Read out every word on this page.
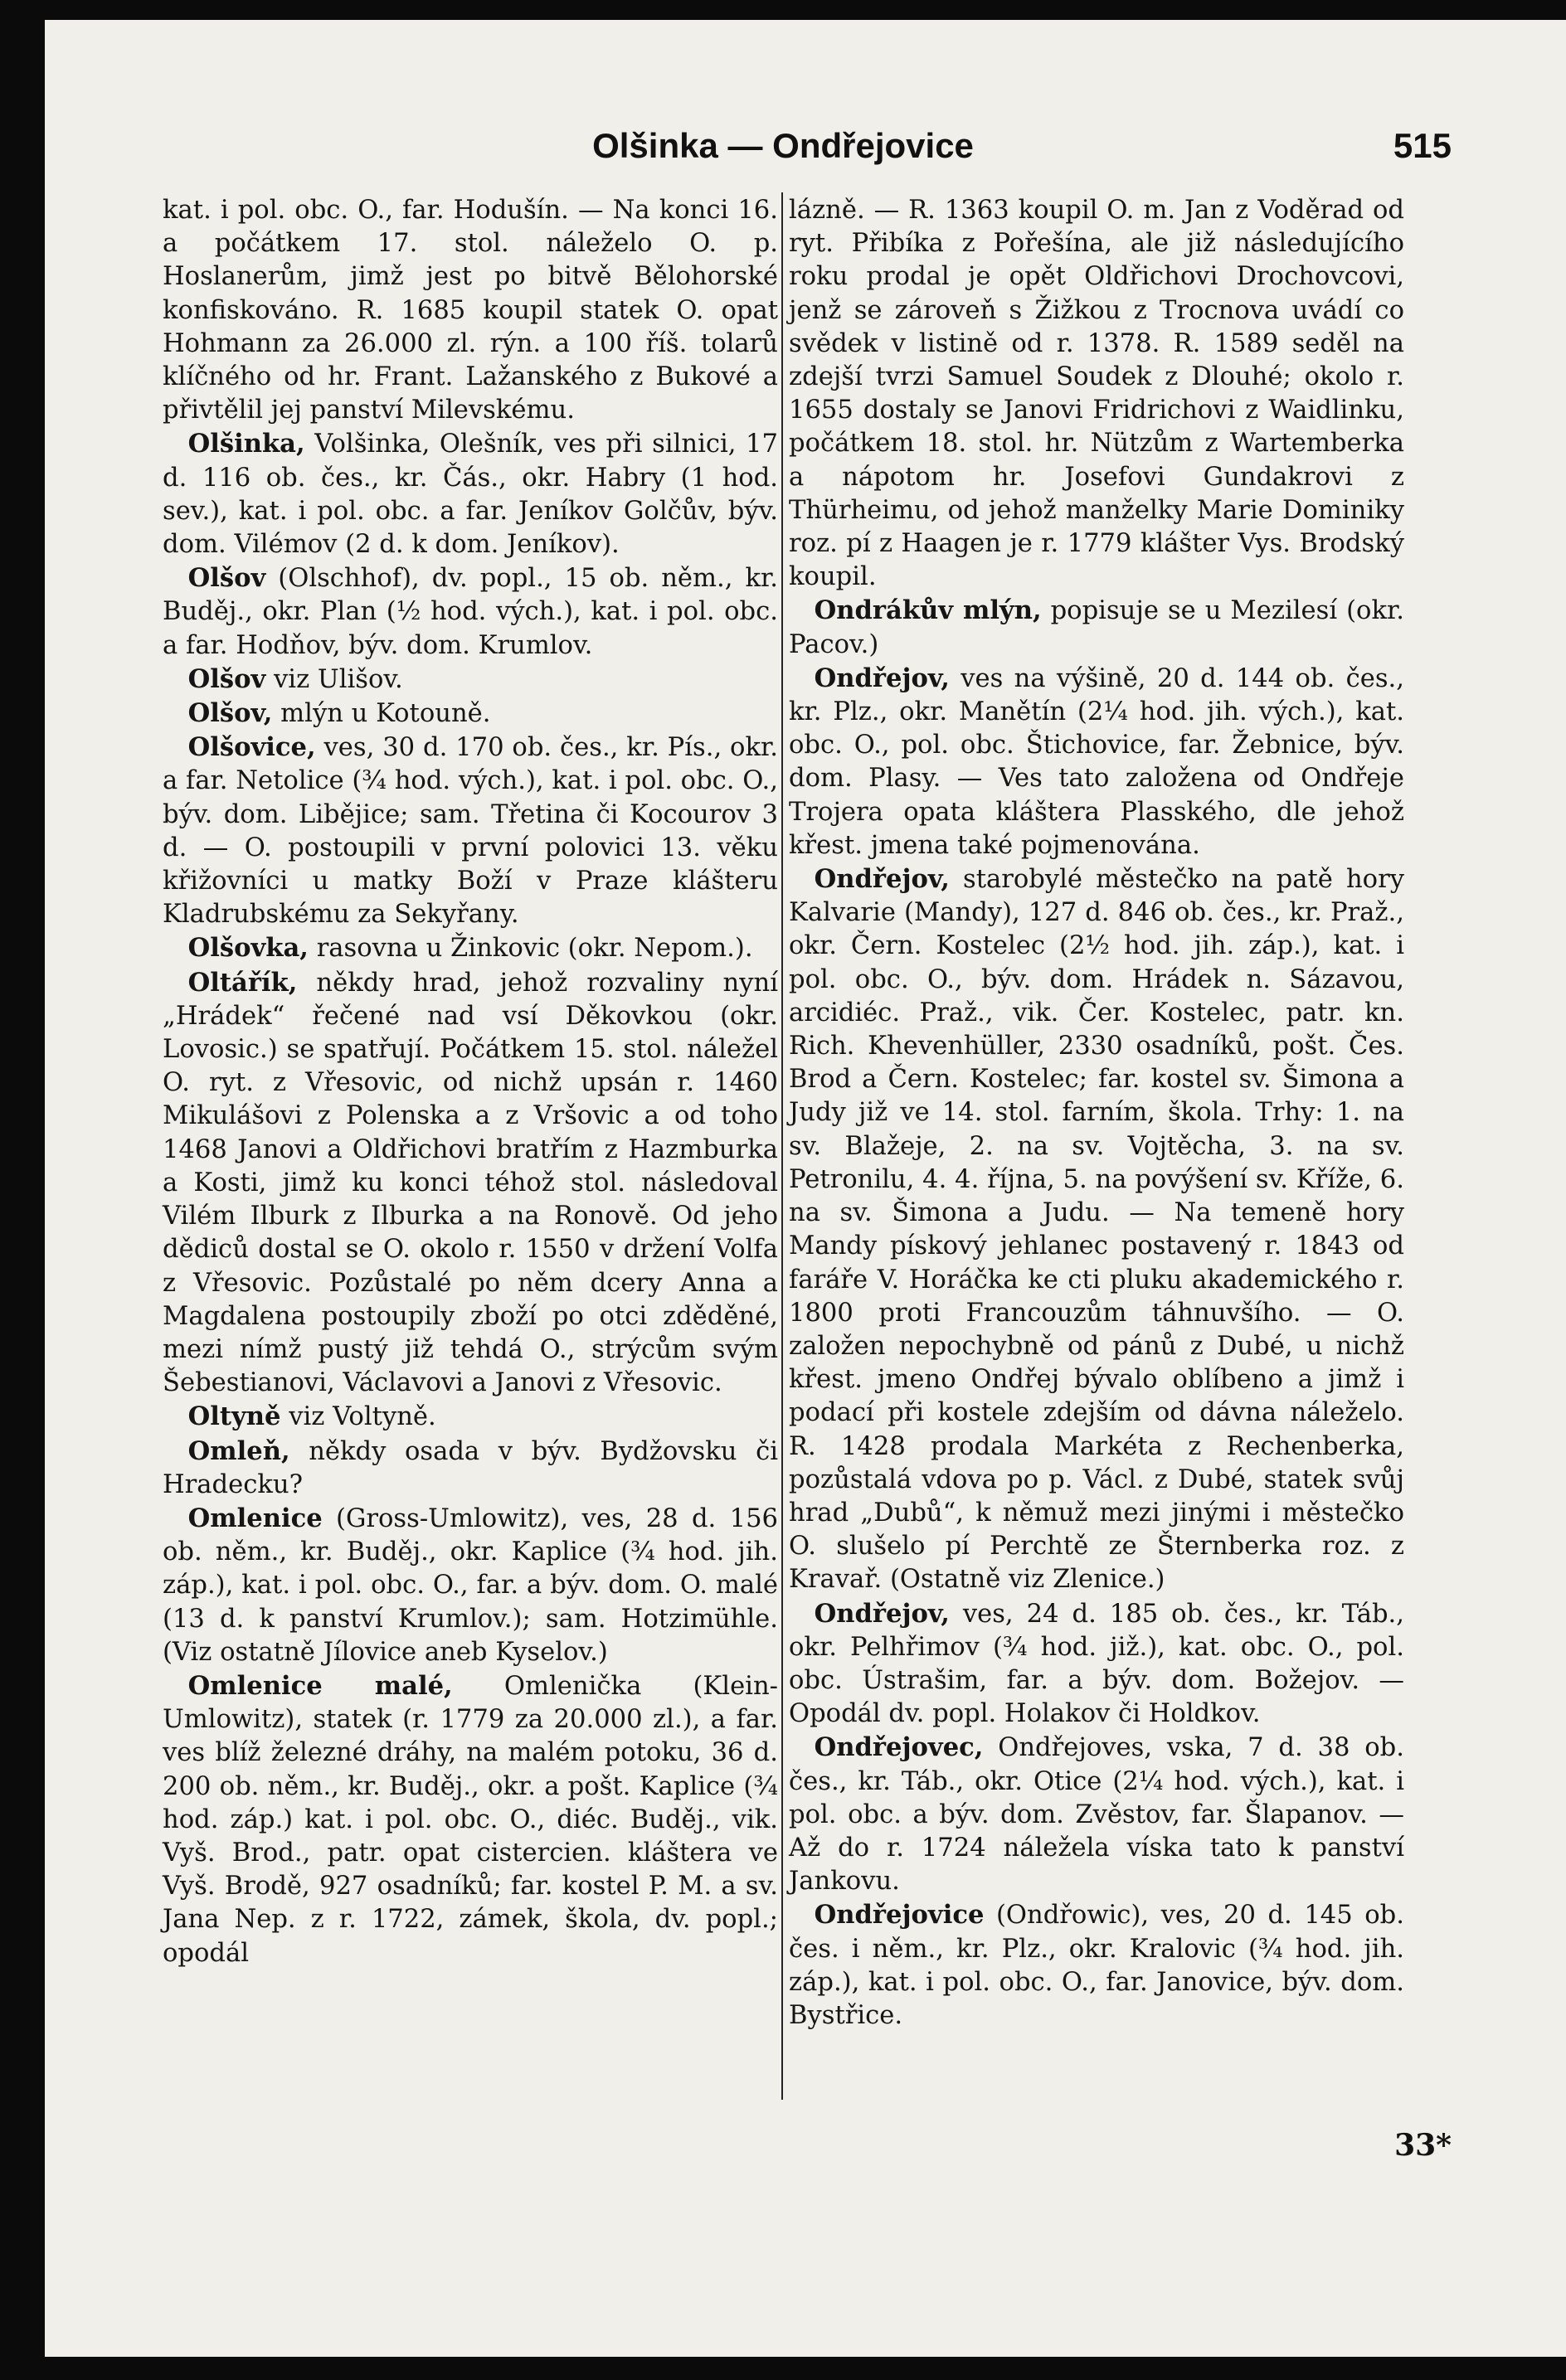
Olšinka — Ondřejovice	515

kat. i pol. obc. O., far. Hodušín. — Na konci 16. a počátkem 17. stol. náleželo O. p. Hoslanerům, jimž jest po bitvě Bělohorské konfiskováno. R. 1685 koupil statek O. opat Hohmann za 26.000 zl. rýn. a 100 říš. tolarů klíčného od hr. Frant. Lažanského z Bukové a přivtělil jej panství Milevskému.

Olšinka, Volšinka, Olešník, ves při silnici, 17 d. 116 ob. čes., kr. Čás., okr. Habry (1 hod. sev.), kat. i pol. obc. a far. Jeníkov Golčův, býv. dom. Vilémov (2 d. k dom. Jeníkov).

Olšov (Olschhof), dv. popl., 15 ob. něm., kr. Buděj., okr. Plan (½ hod. vých.), kat. i pol. obc. a far. Hodňov, býv. dom. Krumlov.

Olšov viz Ulišov.

Olšov, mlýn u Kotouně.

Olšovice, ves, 30 d. 170 ob. čes., kr. Pís., okr. a far. Netolice (¾ hod. vých.), kat. i pol. obc. O., býv. dom. Libějice; sam. Třetina či Kocourov 3 d. — O. postoupili v první polovici 13. věku křižovníci u matky Boží v Praze klášteru Kladrubskému za Sekyřany.

Olšovka, rasovna u Žinkovic (okr. Nepom.).

Oltářík, někdy hrad, jehož rozvaliny nyní „Hrádek“ řečené nad vsí Děkovkou (okr. Lovosic.) se spatřují. Počátkem 15. stol. náležel O. ryt. z Vřesovic, od nichž upsán r. 1460 Mikulášovi z Polenska a z Vršovic a od toho 1468 Janovi a Oldřichovi bratřím z Hazmburka a Kosti, jimž ku konci téhož stol. následoval Vilém Ilburk z Ilburka a na Ronově. Od jeho dědiců dostal se O. okolo r. 1550 v držení Volfa z Vřesovic. Pozůstalé po něm dcery Anna a Magdalena postoupily zboží po otci zděděné, mezi nímž pustý již tehdá O., strýcům svým Šebestianovi, Václavovi a Janovi z Vřesovic.

Oltyně viz Voltyně.

Omleň, někdy osada v býv. Bydžovsku či Hradecku?

Omlenice (Gross-Umlowitz), ves, 28 d. 156 ob. něm., kr. Buděj., okr. Kaplice (¾ hod. jih. záp.), kat. i pol. obc. O., far. a býv. dom. O. malé (13 d. k panství Krumlov.); sam. Hotzimühle. (Viz ostatně Jílovice aneb Kyselov.)

Omlenice malé, Omlenička (Klein-Umlowitz), statek (r. 1779 za 20.000 zl.), a far. ves blíž železné dráhy, na malém potoku, 36 d. 200 ob. něm., kr. Buděj., okr. a pošt. Kaplice (¾ hod. záp.) kat. i pol. obc. O., diéc. Buděj., vik. Vyš. Brod., patr. opat cistercien. kláštera ve Vyš. Brodě, 927 osadníků; far. kostel P. M. a sv. Jana Nep. z r. 1722, zámek, škola, dv. popl.; opodál

lázně. — R. 1363 koupil O. m. Jan z Voděrad od ryt. Přibíka z Pořešína, ale již následujícího roku prodal je opět Oldřichovi Drochovcovi, jenž se zároveň s Žižkou z Trocnova uvádí co svědek v listině od r. 1378. R. 1589 seděl na zdejší tvrzi Samuel Soudek z Dlouhé; okolo r. 1655 dostaly se Janovi Fridrichovi z Waidlinku, počátkem 18. stol. hr. Nützům z Wartemberka a nápotom hr. Josefovi Gundakrovi z Thürheimu, od jehož manželky Marie Dominiky roz. pí z Haagen je r. 1779 klášter Vys. Brodský koupil.

Ondrákův mlýn, popisuje se u Mezilesí (okr. Pacov.)

Ondřejov, ves na výšině, 20 d. 144 ob. čes., kr. Plz., okr. Manětín (2¼ hod. jih. vých.), kat. obc. O., pol. obc. Štichovice, far. Žebnice, býv. dom. Plasy. — Ves tato založena od Ondřeje Trojera opata kláštera Plasského, dle jehož křest. jmena také pojmenována.

Ondřejov, starobylé městečko na patě hory Kalvarie (Mandy), 127 d. 846 ob. čes., kr. Praž., okr. Čern. Kostelec (2½ hod. jih. záp.), kat. i pol. obc. O., býv. dom. Hrádek n. Sázavou, arcidiéc. Praž., vik. Čer. Kostelec, patr. kn. Rich. Khevenhüller, 2330 osadníků, pošt. Čes. Brod a Čern. Kostelec; far. kostel sv. Šimona a Judy již ve 14. stol. farním, škola. Trhy: 1. na sv. Blažeje, 2. na sv. Vojtěcha, 3. na sv. Petronilu, 4. 4. října, 5. na povýšení sv. Kříže, 6. na sv. Šimona a Judu. — Na temeně hory Mandy pískový jehlanec postavený r. 1843 od faráře V. Horáčka ke cti pluku akademického r. 1800 proti Francouzům táhnuvšího. — O. založen nepochybně od pánů z Dubé, u nichž křest. jmeno Ondřej bývalo oblíbeno a jimž i podací při kostele zdejším od dávna náleželo. R. 1428 prodala Markéta z Rechenberka, pozůstalá vdova po p. Václ. z Dubé, statek svůj hrad „Dubů“, k němuž mezi jinými i městečko O. slušelo pí Perchtě ze Šternberka roz. z Kravař. (Ostatně viz Zlenice.)

Ondřejov, ves, 24 d. 185 ob. čes., kr. Táb., okr. Pelhřimov (¾ hod. již.), kat. obc. O., pol. obc. Ústrašim, far. a býv. dom. Božejov. — Opodál dv. popl. Holakov či Holdkov.

Ondřejovec, Ondřejoves, vska, 7 d. 38 ob. čes., kr. Táb., okr. Otice (2¼ hod. vých.), kat. i pol. obc. a býv. dom. Zvěstov, far. Šlapanov. — Až do r. 1724 náležela víska tato k panství Jankovu.

Ondřejovice (Ondřowic), ves, 20 d. 145 ob. čes. i něm., kr. Plz., okr. Kralovic (¾ hod. jih. záp.), kat. i pol. obc. O., far. Janovice, býv. dom. Bystřice.

33*
